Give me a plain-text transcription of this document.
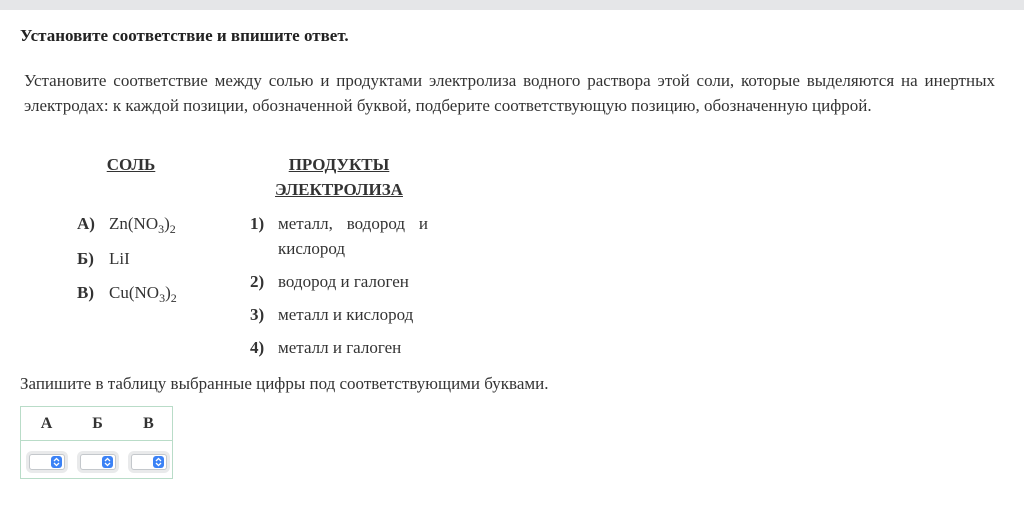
Установите соответствие и впишите ответ.
Установите соответствие между солью и продуктами электролиза водного раствора этой соли, которые выделяются на инертных электродах: к каждой позиции, обозначенной буквой, подберите соответствующую позицию, обозначенную цифрой.
СОЛЬ	ПРОДУКТЫ
ЭЛЕКТРОЛИЗА
А) $Zn(NO_3)_2$
Б) LiI
В) $Cu(NO_3)_2$
1) металл, водород и кислород
2) водород и галоген
3) металл и кислород
4) металл и галоген
Запишите в таблицу выбранные цифры под соответствующими буквами.
А	Б	В
